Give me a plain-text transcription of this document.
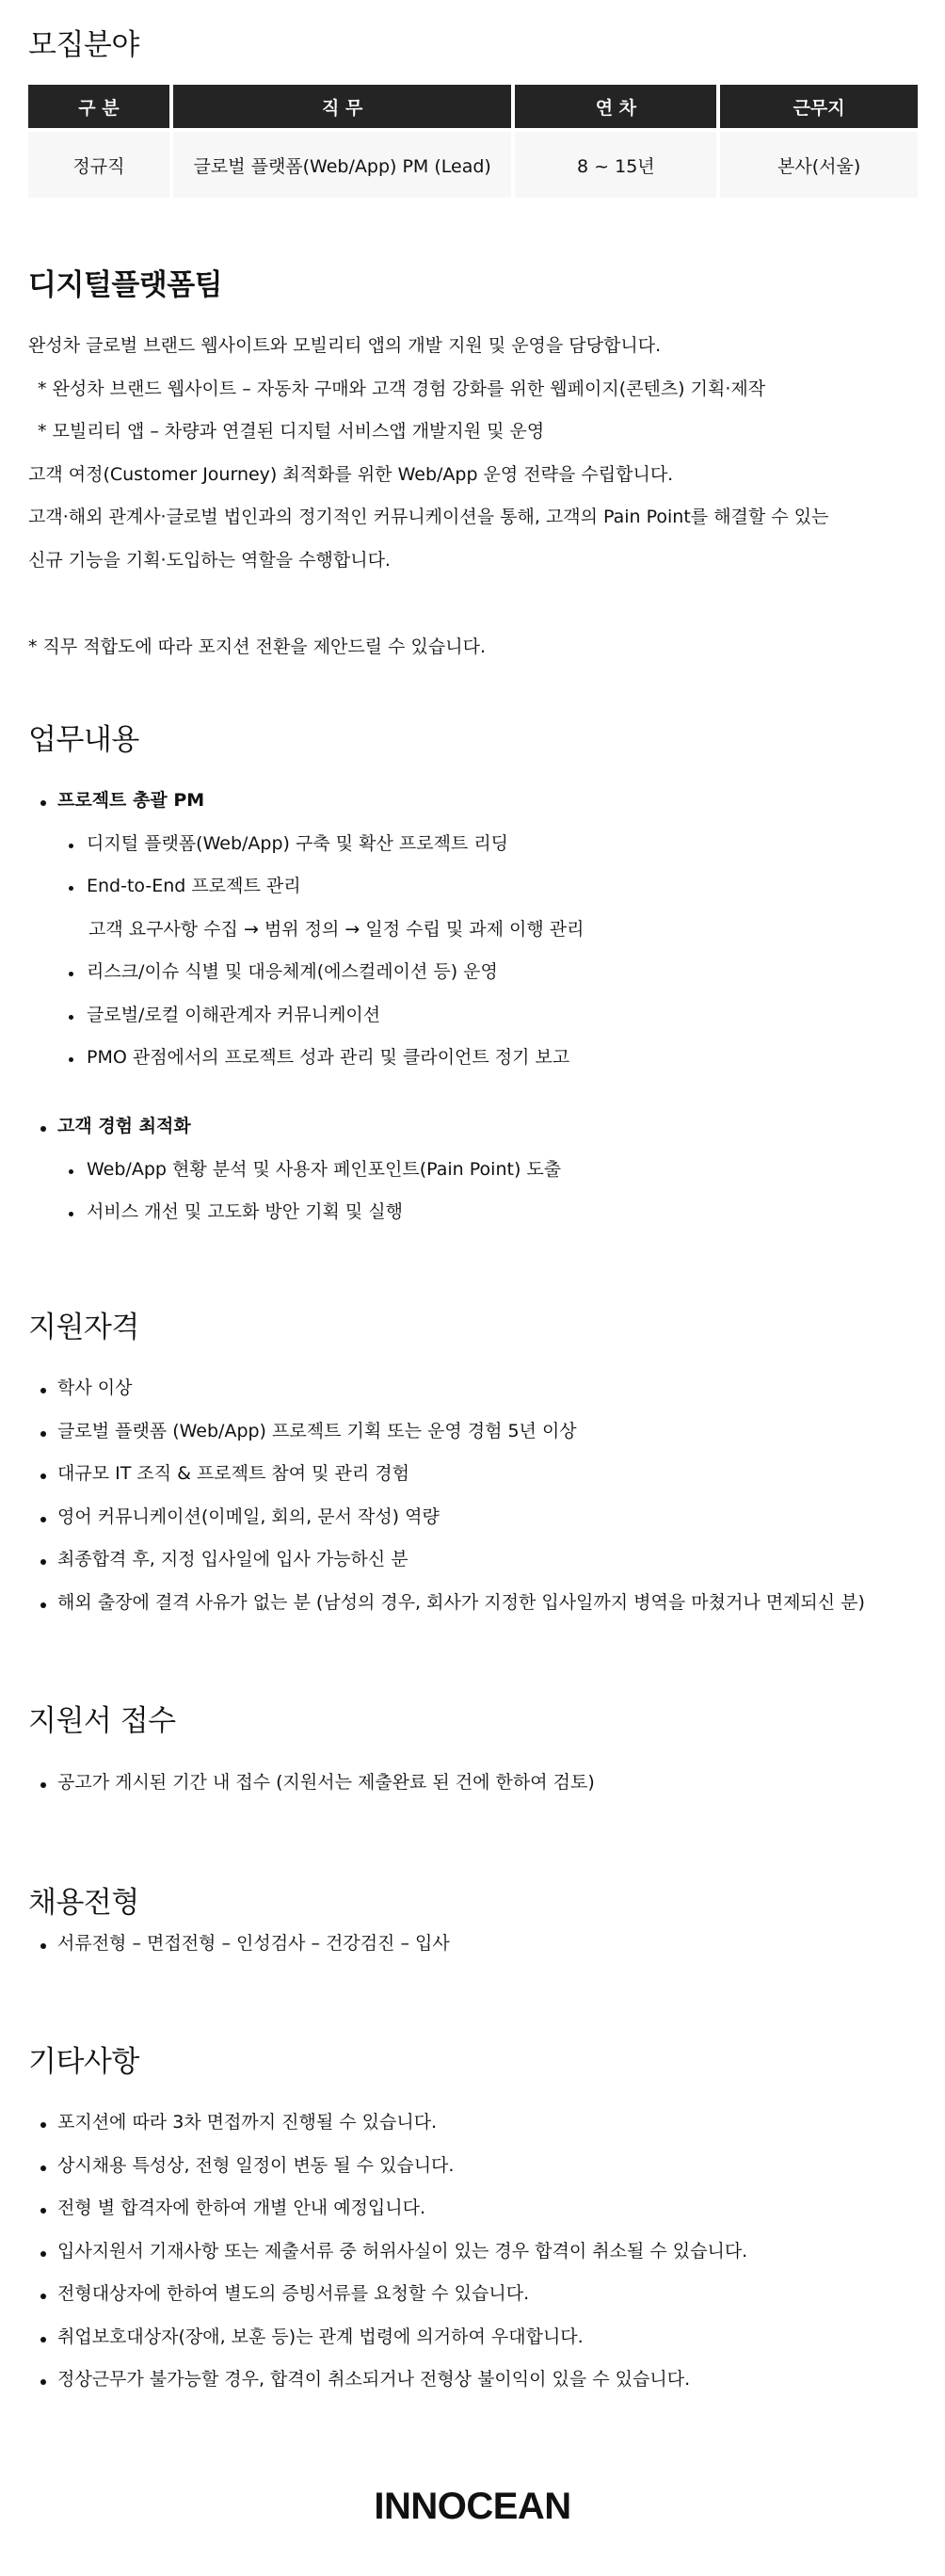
모집분야
구 분	직 무	연 차	근무지
정규직	글로벌 플랫폼(Web/App) PM (Lead)	8 ~ 15년	본사(서울)
디지털플랫폼팀
완성차 글로벌 브랜드 웹사이트와 모빌리티 앱의 개발 지원 및 운영을 담당합니다.
* 완성차 브랜드 웹사이트 – 자동차 구매와 고객 경험 강화를 위한 웹페이지(콘텐츠) 기획·제작
* 모빌리티 앱 – 차량과 연결된 디지털 서비스앱 개발지원 및 운영
고객 여정(Customer Journey) 최적화를 위한 Web/App 운영 전략을 수립합니다.
고객·해외 관계사·글로벌 법인과의 정기적인 커뮤니케이션을 통해, 고객의 Pain Point를 해결할 수 있는
신규 기능을 기획·도입하는 역할을 수행합니다.
* 직무 적합도에 따라 포지션 전환을 제안드릴 수 있습니다.
업무내용
프로젝트 총괄 PM
디지털 플랫폼(Web/App) 구축 및 확산 프로젝트 리딩
End-to-End 프로젝트 관리
고객 요구사항 수집 → 범위 정의 → 일정 수립 및 과제 이행 관리
리스크/이슈 식별 및 대응체계(에스컬레이션 등) 운영
글로벌/로컬 이해관계자 커뮤니케이션
PMO 관점에서의 프로젝트 성과 관리 및 클라이언트 정기 보고
고객 경험 최적화
Web/App 현황 분석 및 사용자 페인포인트(Pain Point) 도출
서비스 개선 및 고도화 방안 기획 및 실행
지원자격
학사 이상
글로벌 플랫폼 (Web/App) 프로젝트 기획 또는 운영 경험 5년 이상
대규모 IT 조직 & 프로젝트 참여 및 관리 경험
영어 커뮤니케이션(이메일, 회의, 문서 작성) 역량
최종합격 후, 지정 입사일에 입사 가능하신 분
해외 출장에 결격 사유가 없는 분 (남성의 경우, 회사가 지정한 입사일까지 병역을 마쳤거나 면제되신 분)
지원서 접수
공고가 게시된 기간 내 접수 (지원서는 제출완료 된 건에 한하여 검토)
채용전형
서류전형 – 면접전형 – 인성검사 – 건강검진 – 입사
기타사항
포지션에 따라 3차 면접까지 진행될 수 있습니다.
상시채용 특성상, 전형 일정이 변동 될 수 있습니다.
전형 별 합격자에 한하여 개별 안내 예정입니다.
입사지원서 기재사항 또는 제출서류 중 허위사실이 있는 경우 합격이 취소될 수 있습니다.
전형대상자에 한하여 별도의 증빙서류를 요청할 수 있습니다.
취업보호대상자(장애, 보훈 등)는 관계 법령에 의거하여 우대합니다.
정상근무가 불가능할 경우, 합격이 취소되거나 전형상 불이익이 있을 수 있습니다.
INNOCEAN
